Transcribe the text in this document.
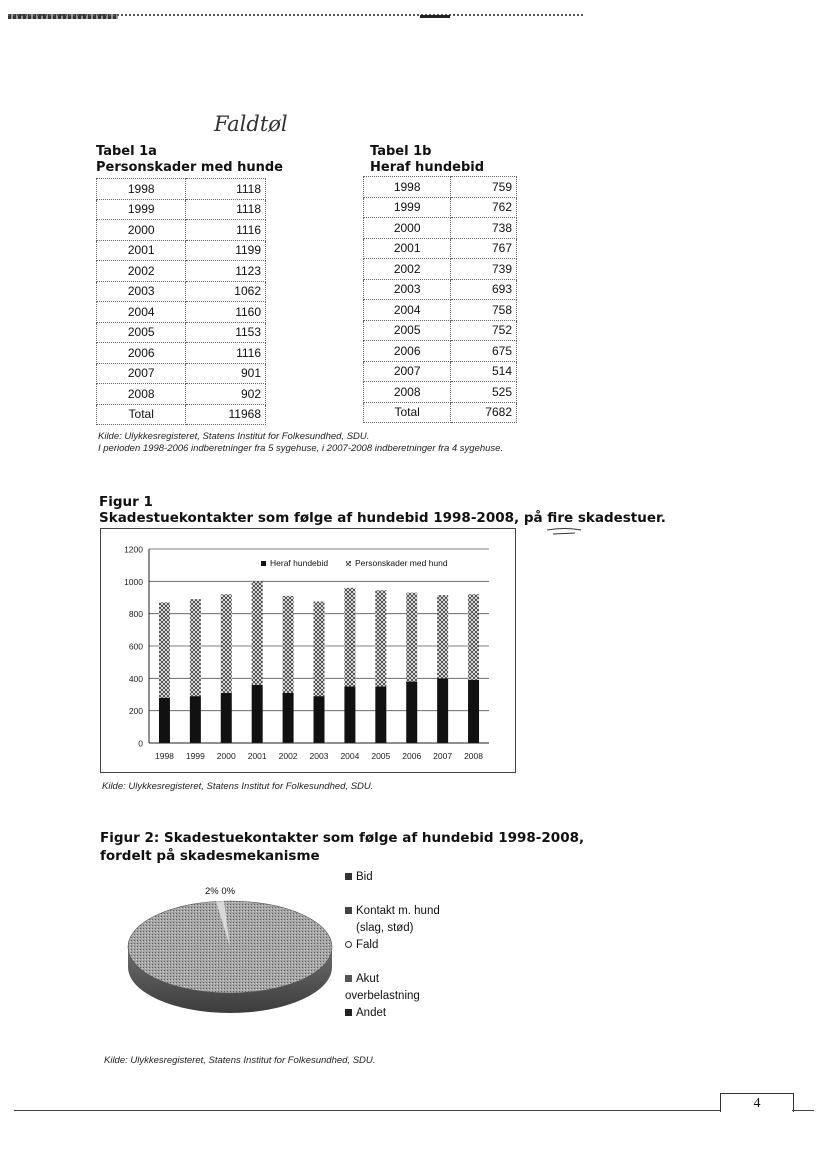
Faldtøl
Tabel 1a
Personskader med hunde
1998	1118
1999	1118
2000	1116
2001	1199
2002	1123
2003	1062
2004	1160
2005	1153
2006	1116
2007	901
2008	902
Total	11968
Tabel 1b
Heraf hundebid
1998	759
1999	762
2000	738
2001	767
2002	739
2003	693
2004	758
2005	752
2006	675
2007	514
2008	525
Total	7682
Kilde: Ulykkesregisteret, Statens Institut for Folkesundhed, SDU.
I perioden 1998-2006 indberetninger fra 5 sygehuse, i 2007-2008 indberetninger fra 4 sygehuse.
Figur 1
Skadestuekontakter som følge af hundebid 1998-2008, på fire skadestuer.
0
200
400
600
800
1000
1200
1998 1999 2000 2001 2002 2003 2004 2005 2006 2007 2008
Heraf hundebid	Personskader med hund
Kilde: Ulykkesregisteret, Statens Institut for Folkesundhed, SDU.
Figur 2: Skadestuekontakter som følge af hundebid 1998-2008,
fordelt på skadesmekanisme
2% 0%
Bid
Kontakt m. hund
(slag, stød)
Fald
Akut
overbelastning
Andet
Kilde: Ulykkesregisteret, Statens Institut for Folkesundhed, SDU.
4
